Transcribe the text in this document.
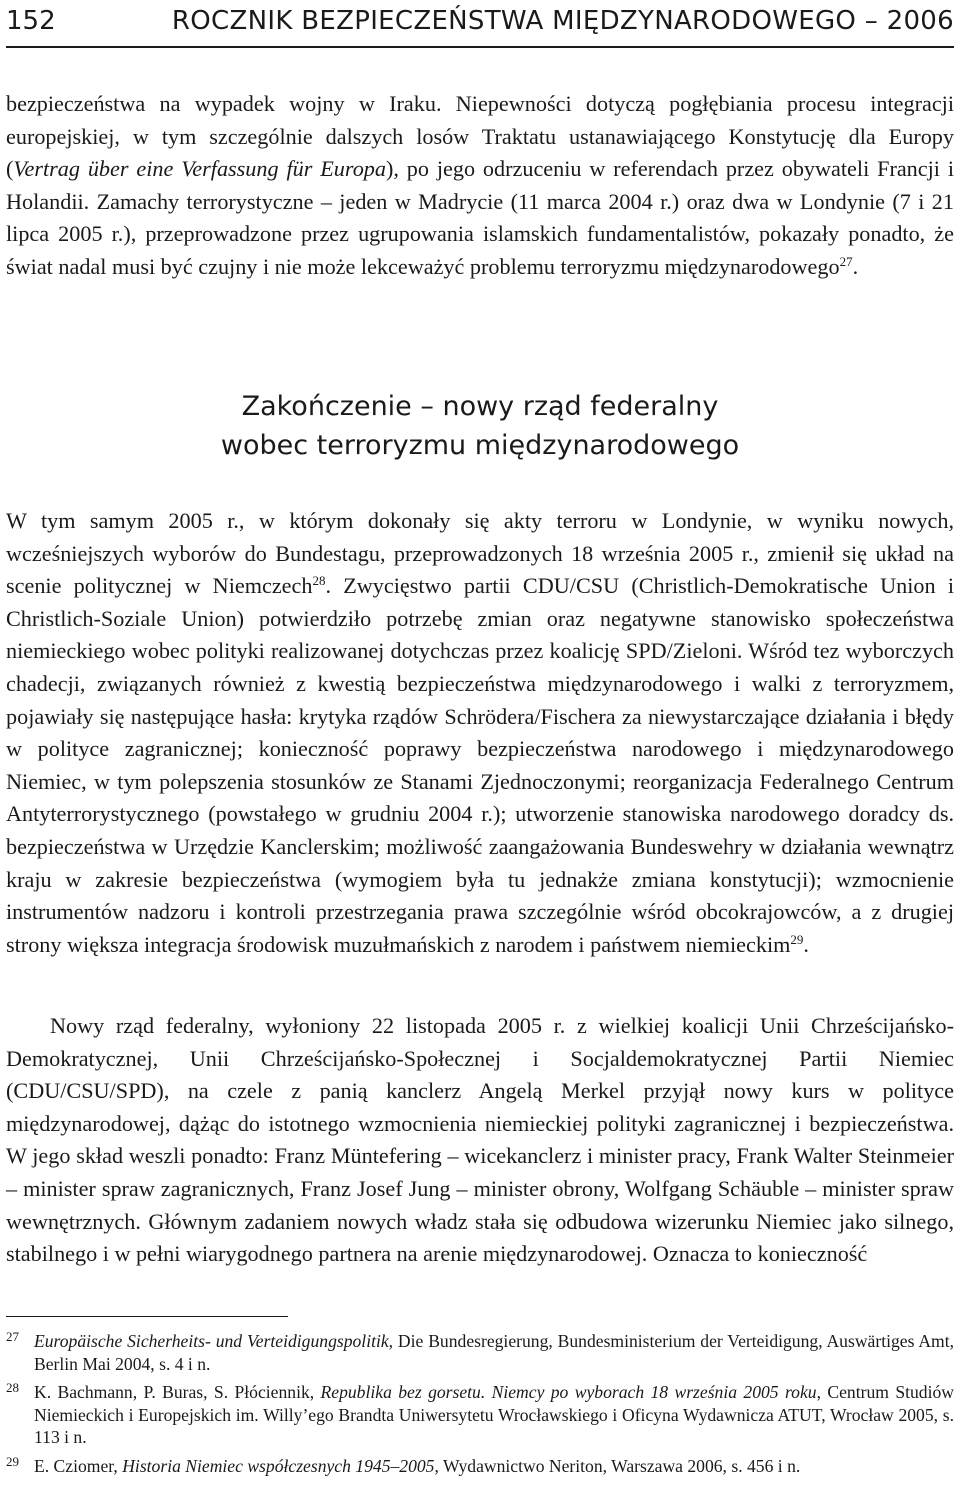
152	ROCZNIK BEZPIECZEŃSTWA MIĘDZYNARODOWEGO – 2006

bezpieczeństwa na wypadek wojny w Iraku. Niepewności dotyczą pogłębiania procesu integracji europejskiej, w tym szczególnie dalszych losów Traktatu ustanawiającego Konstytucję dla Europy (Vertrag über eine Verfassung für Europa), po jego odrzuceniu w referendach przez obywateli Francji i Holandii. Zamachy terrorystyczne – jeden w Madrycie (11 marca 2004 r.) oraz dwa w Londynie (7 i 21 lipca 2005 r.), przeprowadzone przez ugrupowania islamskich fundamentalistów, pokazały ponadto, że świat nadal musi być czujny i nie może lekceważyć problemu terroryzmu międzynarodowego$^{27}$.

Zakończenie – nowy rząd federalny
wobec terroryzmu międzynarodowego

W tym samym 2005 r., w którym dokonały się akty terroru w Londynie, w wyniku nowych, wcześniejszych wyborów do Bundestagu, przeprowadzonych 18 września 2005 r., zmienił się układ na scenie politycznej w Niemczech$^{28}$. Zwycięstwo partii CDU/CSU (Christlich-Demokratische Union i Christlich-Soziale Union) potwierdziło potrzebę zmian oraz negatywne stanowisko społeczeństwa niemieckiego wobec polityki realizowanej dotychczas przez koalicję SPD/Zieloni. Wśród tez wyborczych chadecji, związanych również z kwestią bezpieczeństwa międzynarodowego i walki z terroryzmem, pojawiały się następujące hasła: krytyka rządów Schrödera/Fischera za niewystarczające działania i błędy w polityce zagranicznej; konieczność poprawy bezpieczeństwa narodowego i międzynarodowego Niemiec, w tym polepszenia stosunków ze Stanami Zjednoczonymi; reorganizacja Federalnego Centrum Antyterrorystycznego (powstałego w grudniu 2004 r.); utworzenie stanowiska narodowego doradcy ds. bezpieczeństwa w Urzędzie Kanclerskim; możliwość zaangażowania Bundeswehry w działania wewnątrz kraju w zakresie bezpieczeństwa (wymogiem była tu jednakże zmiana konstytucji); wzmocnienie instrumentów nadzoru i kontroli przestrzegania prawa szczególnie wśród obcokrajowców, a z drugiej strony większa integracja środowisk muzułmańskich z narodem i państwem niemieckim$^{29}$.

Nowy rząd federalny, wyłoniony 22 listopada 2005 r. z wielkiej koalicji Unii Chrześcijańsko-Demokratycznej, Unii Chrześcijańsko-Społecznej i Socjaldemokratycznej Partii Niemiec (CDU/CSU/SPD), na czele z panią kanclerz Angelą Merkel przyjął nowy kurs w polityce międzynarodowej, dążąc do istotnego wzmocnienia niemieckiej polityki zagranicznej i bezpieczeństwa. W jego skład weszli ponadto: Franz Müntefering – wicekanclerz i minister pracy, Frank Walter Steinmeier – minister spraw zagranicznych, Franz Josef Jung – minister obrony, Wolfgang Schäuble – minister spraw wewnętrznych. Głównym zadaniem nowych władz stała się odbudowa wizerunku Niemiec jako silnego, stabilnego i w pełni wiarygodnego partnera na arenie międzynarodowej. Oznacza to konieczność

27 Europäische Sicherheits- und Verteidigungspolitik, Die Bundesregierung, Bundesministerium der Verteidigung, Auswärtiges Amt, Berlin Mai 2004, s. 4 i n.

28 K. Bachmann, P. Buras, S. Płóciennik, Republika bez gorsetu. Niemcy po wyborach 18 września 2005 roku, Centrum Studiów Niemieckich i Europejskich im. Willy’ego Brandta Uniwersytetu Wrocławskiego i Oficyna Wydawnicza ATUT, Wrocław 2005, s. 113 i n.

29 E. Cziomer, Historia Niemiec współczesnych 1945–2005, Wydawnictwo Neriton, Warszawa 2006, s. 456 i n.
